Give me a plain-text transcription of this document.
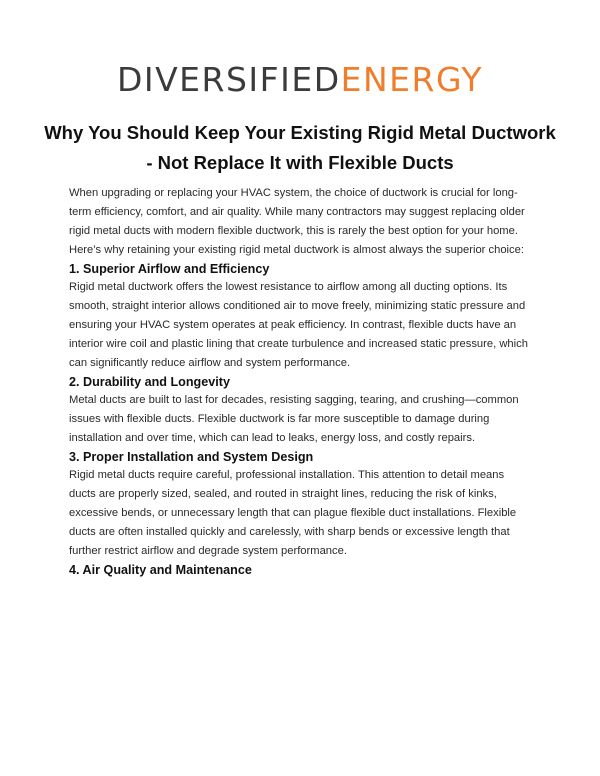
DIVERSIFIEDENERGY
Why You Should Keep Your Existing Rigid Metal Ductwork - Not Replace It with Flexible Ducts

When upgrading or replacing your HVAC system, the choice of ductwork is crucial for long-term efficiency, comfort, and air quality. While many contractors may suggest replacing older rigid metal ducts with modern flexible ductwork, this is rarely the best option for your home. Here’s why retaining your existing rigid metal ductwork is almost always the superior choice:

1. Superior Airflow and Efficiency

Rigid metal ductwork offers the lowest resistance to airflow among all ducting options. Its smooth, straight interior allows conditioned air to move freely, minimizing static pressure and ensuring your HVAC system operates at peak efficiency. In contrast, flexible ducts have an interior wire coil and plastic lining that create turbulence and increased static pressure, which can significantly reduce airflow and system performance.

2. Durability and Longevity

Metal ducts are built to last for decades, resisting sagging, tearing, and crushing—common issues with flexible ducts. Flexible ductwork is far more susceptible to damage during installation and over time, which can lead to leaks, energy loss, and costly repairs.

3. Proper Installation and System Design

Rigid metal ducts require careful, professional installation. This attention to detail means ducts are properly sized, sealed, and routed in straight lines, reducing the risk of kinks, excessive bends, or unnecessary length that can plague flexible duct installations. Flexible ducts are often installed quickly and carelessly, with sharp bends or excessive length that further restrict airflow and degrade system performance.

4. Air Quality and Maintenance
